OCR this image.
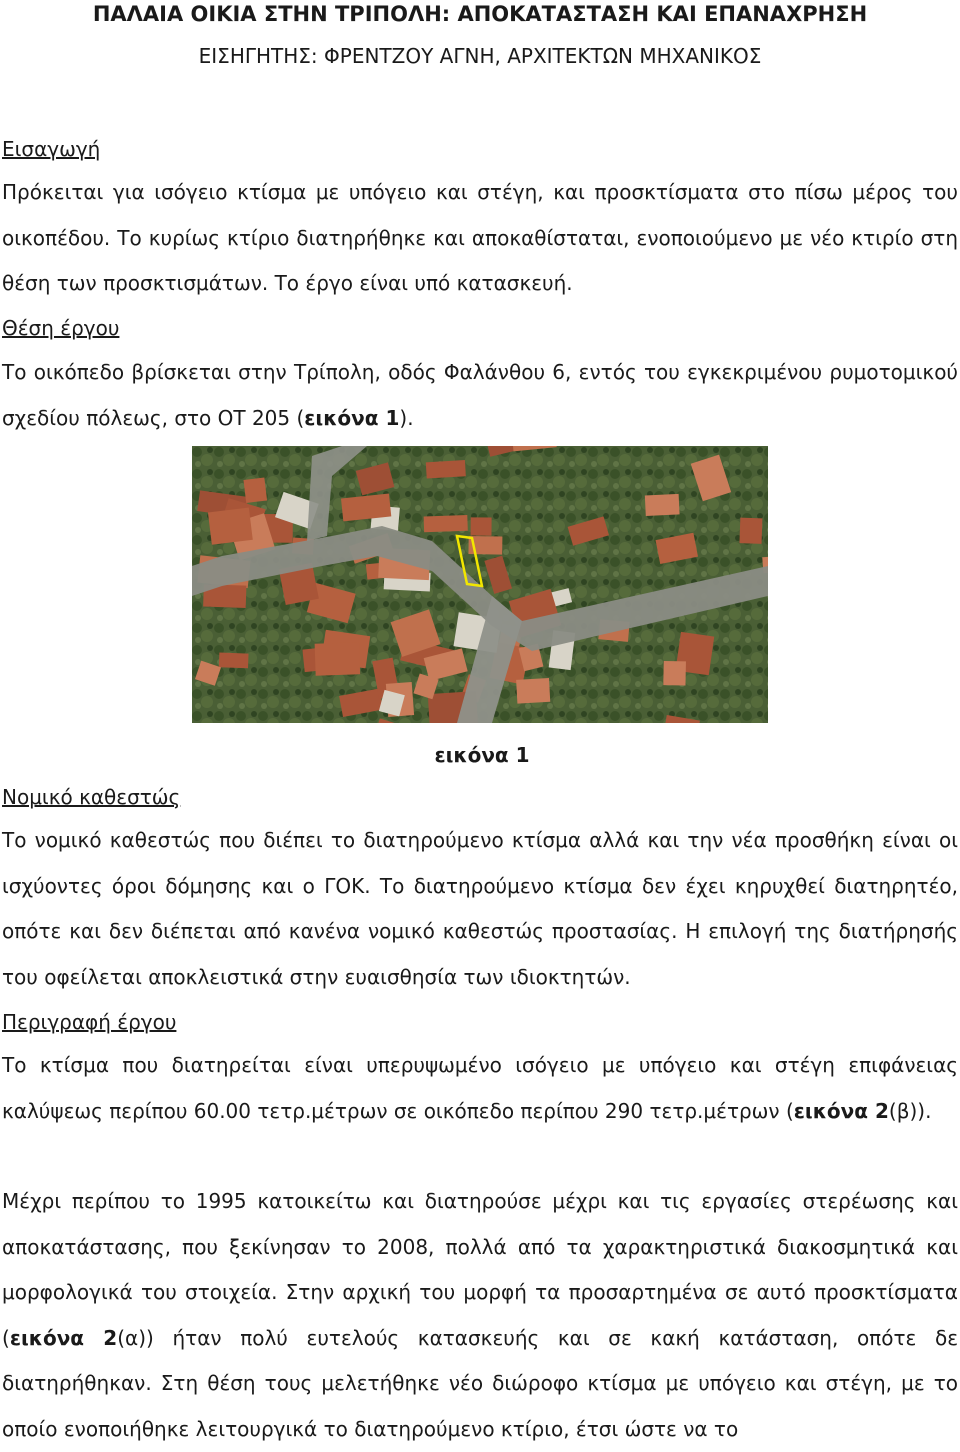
ΠΑΛΑΙΑ ΟΙΚΙΑ ΣΤΗΝ ΤΡΙΠΟΛΗ: ΑΠΟΚΑΤΑΣΤΑΣΗ ΚΑΙ ΕΠΑΝΑΧΡΗΣΗ

ΕΙΣΗΓΗΤΗΣ: ΦΡΕΝΤΖΟΥ ΑΓΝΗ, ΑΡΧΙΤΕΚΤΩΝ ΜΗΧΑΝΙΚΟΣ

Εισαγωγή

Πρόκειται για ισόγειο κτίσμα με υπόγειο και στέγη, και προσκτίσματα στο πίσω μέρος του οικοπέδου. Το κυρίως κτίριο διατηρήθηκε και αποκαθίσταται, ενοποιούμενο με νέο κτιρίο στη θέση των προσκτισμάτων. Το έργο είναι υπό κατασκευή.

Θέση έργου

Το οικόπεδο βρίσκεται στην Τρίπολη, οδός Φαλάνθου 6, εντός του εγκεκριμένου ρυμοτομικού σχεδίου πόλεως, στο ΟΤ 205 (εικόνα 1).

εικόνα 1

Νομικό καθεστώς

Το νομικό καθεστώς που διέπει το διατηρούμενο κτίσμα αλλά και την νέα προσθήκη είναι οι ισχύοντες όροι δόμησης και ο ΓΟΚ. Το διατηρούμενο κτίσμα δεν έχει κηρυχθεί διατηρητέο, οπότε και δεν διέπεται από κανένα νομικό καθεστώς προστασίας. Η επιλογή της διατήρησής του οφείλεται αποκλειστικά στην ευαισθησία των ιδιοκτητών.

Περιγραφή έργου

Το κτίσμα που διατηρείται είναι υπερυψωμένο ισόγειο με υπόγειο και στέγη επιφάνειας καλύψεως περίπου 60.00 τετρ.μέτρων σε οικόπεδο περίπου 290 τετρ.μέτρων (εικόνα 2(β)).

Μέχρι περίπου το 1995 κατοικείτω και διατηρούσε μέχρι και τις εργασίες στερέωσης και αποκατάστασης, που ξεκίνησαν το 2008, πολλά από τα χαρακτηριστικά διακοσμητικά και μορφολογικά του στοιχεία. Στην αρχική του μορφή τα προσαρτημένα σε αυτό προσκτίσματα (εικόνα 2(α)) ήταν πολύ ευτελούς κατασκευής και σε κακή κατάσταση, οπότε δε διατηρήθηκαν. Στη θέση τους μελετήθηκε νέο διώροφο κτίσμα με υπόγειο και στέγη, με το οποίο ενοποιήθηκε λειτουργικά το διατηρούμενο κτίριο, έτσι ώστε να το
